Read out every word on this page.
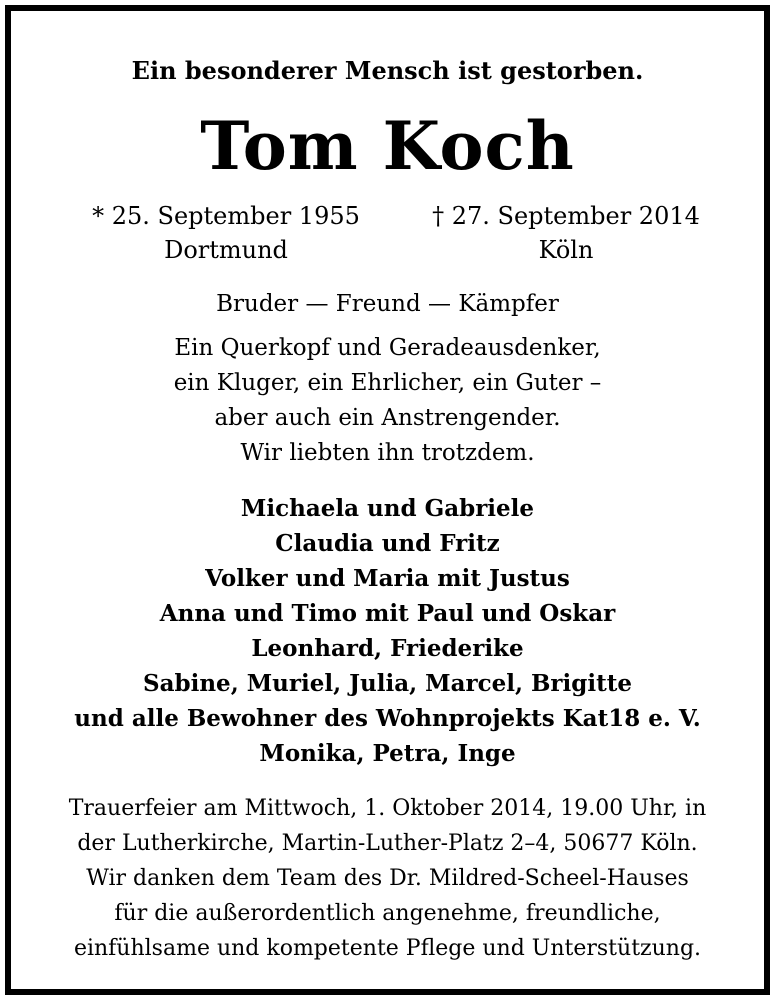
Ein besonderer Mensch ist gestorben.
Tom Koch
* 25. September 1955
Dortmund
† 27. September 2014
Köln
Bruder — Freund — Kämpfer
Ein Querkopf und Geradeausdenker,
ein Kluger, ein Ehrlicher, ein Guter –
aber auch ein Anstrengender.
Wir liebten ihn trotzdem.
Michaela und Gabriele
Claudia und Fritz
Volker und Maria mit Justus
Anna und Timo mit Paul und Oskar
Leonhard, Friederike
Sabine, Muriel, Julia, Marcel, Brigitte
und alle Bewohner des Wohnprojekts Kat18 e. V.
Monika, Petra, Inge
Trauerfeier am Mittwoch, 1. Oktober 2014, 19.00 Uhr, in
der Lutherkirche, Martin-Luther-Platz 2–4, 50677 Köln.
Wir danken dem Team des Dr. Mildred-Scheel-Hauses
für die außerordentlich angenehme, freundliche,
einfühlsame und kompetente Pflege und Unterstützung.
